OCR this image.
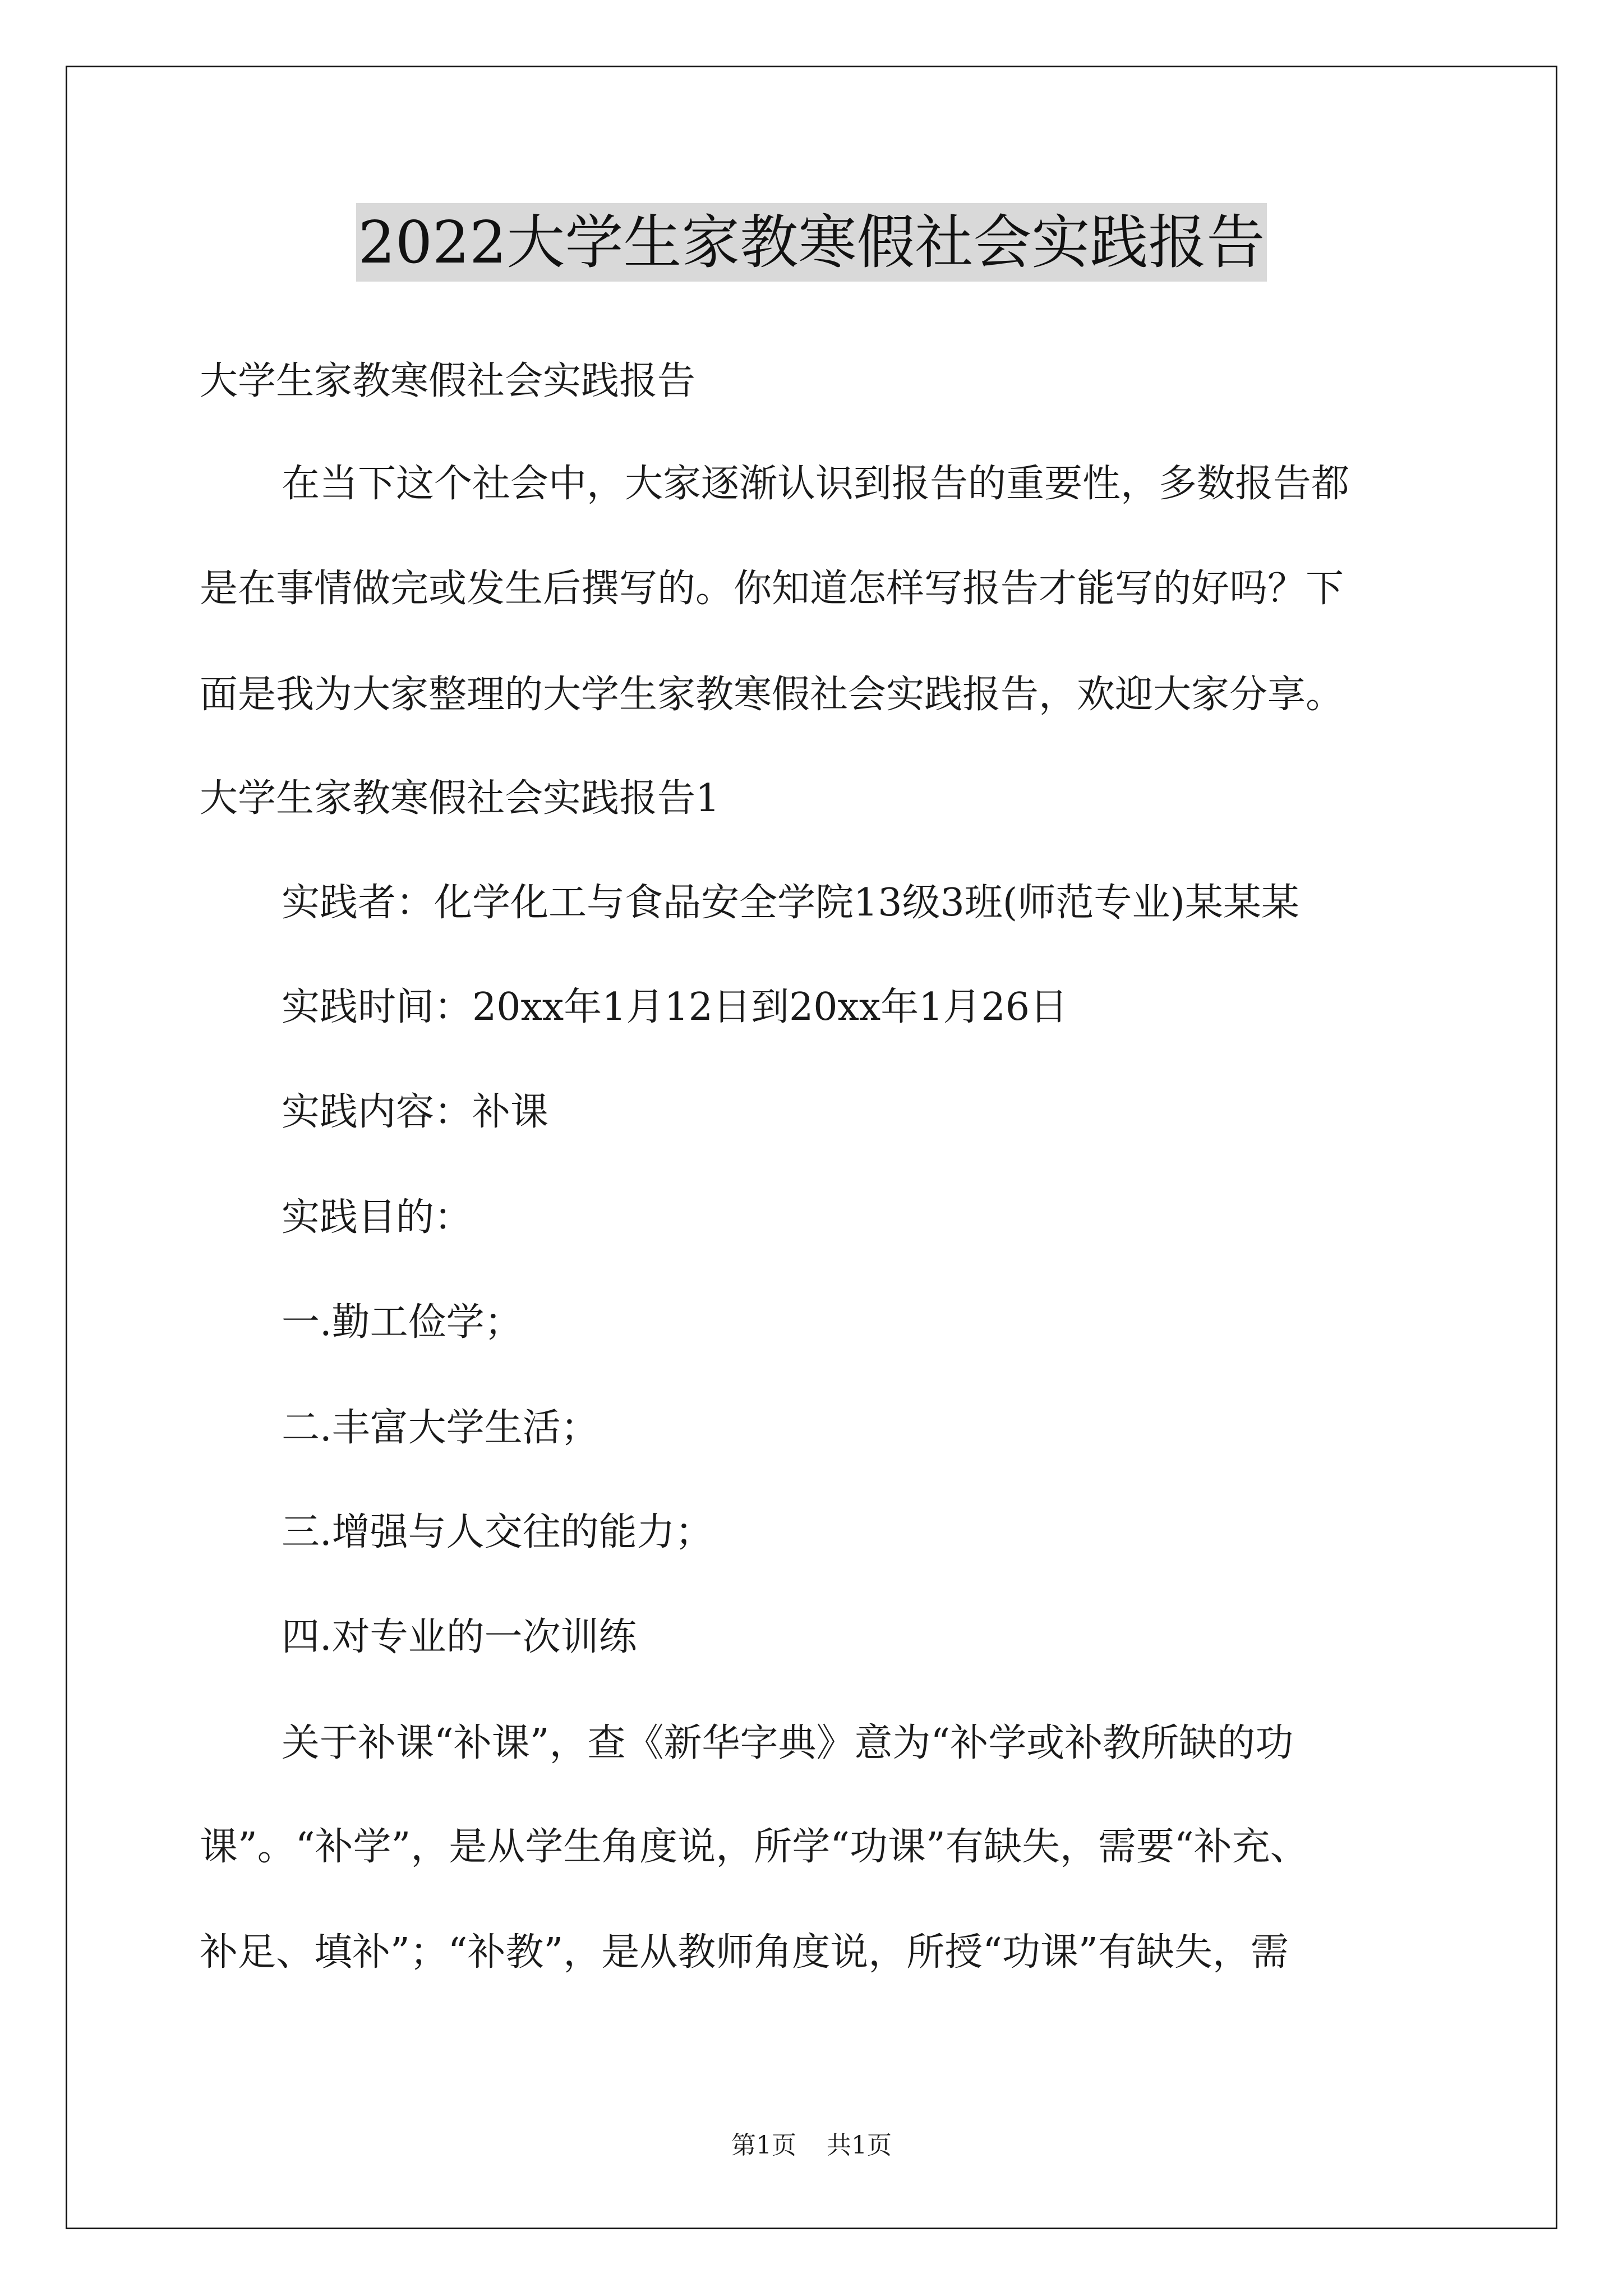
2022大学生家教寒假社会实践报告
大学生家教寒假社会实践报告
在当下这个社会中，大家逐渐认识到报告的重要性，多数报告都
是在事情做完或发生后撰写的。你知道怎样写报告才能写的好吗？下
面是我为大家整理的大学生家教寒假社会实践报告，欢迎大家分享。
大学生家教寒假社会实践报告1
实践者：化学化工与食品安全学院13级3班(师范专业)某某某
实践时间：20xx年1月12日到20xx年1月26日
实践内容：补课
实践目的：
一.勤工俭学；
二.丰富大学生活；
三.增强与人交往的能力；
四.对专业的一次训练
关于补课“补课”，查《新华字典》意为“补学或补教所缺的功
课”。“补学”，是从学生角度说，所学“功课”有缺失，需要“补充、
补足、填补”；“补教”，是从教师角度说，所授“功课”有缺失，需
第1页 共1页
